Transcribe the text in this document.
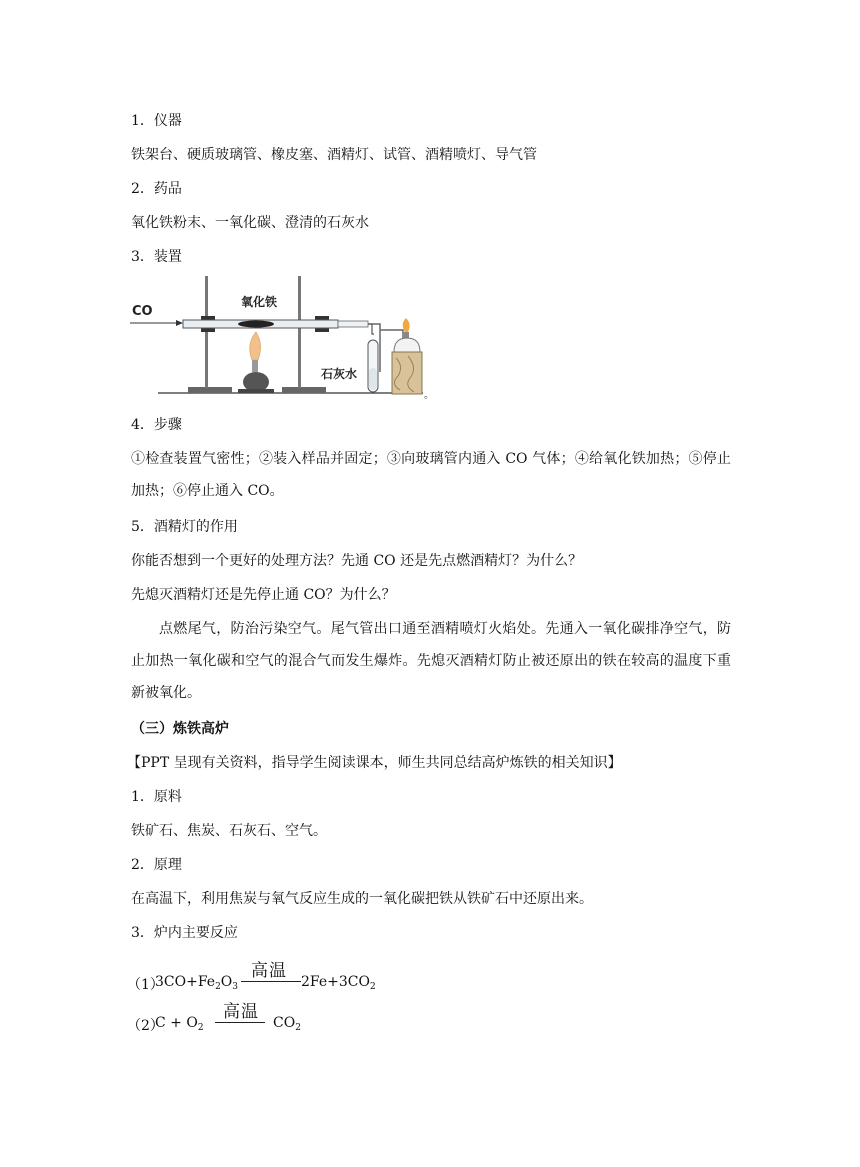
1．仪器
铁架台、硬质玻璃管、橡皮塞、酒精灯、试管、酒精喷灯、导气管
2．药品
氧化铁粉末、一氧化碳、澄清的石灰水
3．装置
CO
氧化铁
石灰水
。
4．步骤
①检查装置气密性；②装入样品并固定；③向玻璃管内通入 CO 气体；④给氧化铁加热；⑤停止加热；⑥停止通入 CO。
5．酒精灯的作用
你能否想到一个更好的处理方法？先通 CO 还是先点燃酒精灯？为什么？
先熄灭酒精灯还是先停止通 CO？为什么？
点燃尾气，防治污染空气。尾气管出口通至酒精喷灯火焰处。先通入一氧化碳排净空气，防止加热一氧化碳和空气的混合气而发生爆炸。先熄灭酒精灯防止被还原出的铁在较高的温度下重新被氧化。
（三）炼铁高炉
【PPT 呈现有关资料，指导学生阅读课本，师生共同总结高炉炼铁的相关知识】
1．原料
铁矿石、焦炭、石灰石、空气。
2．原理
在高温下，利用焦炭与氧气反应生成的一氧化碳把铁从铁矿石中还原出来。
3．炉内主要反应
（1）
$3CO+Fe_2O_3$
高温
$2Fe+3CO_2$
（2）
$C + O_2$
高温
$CO_2$
